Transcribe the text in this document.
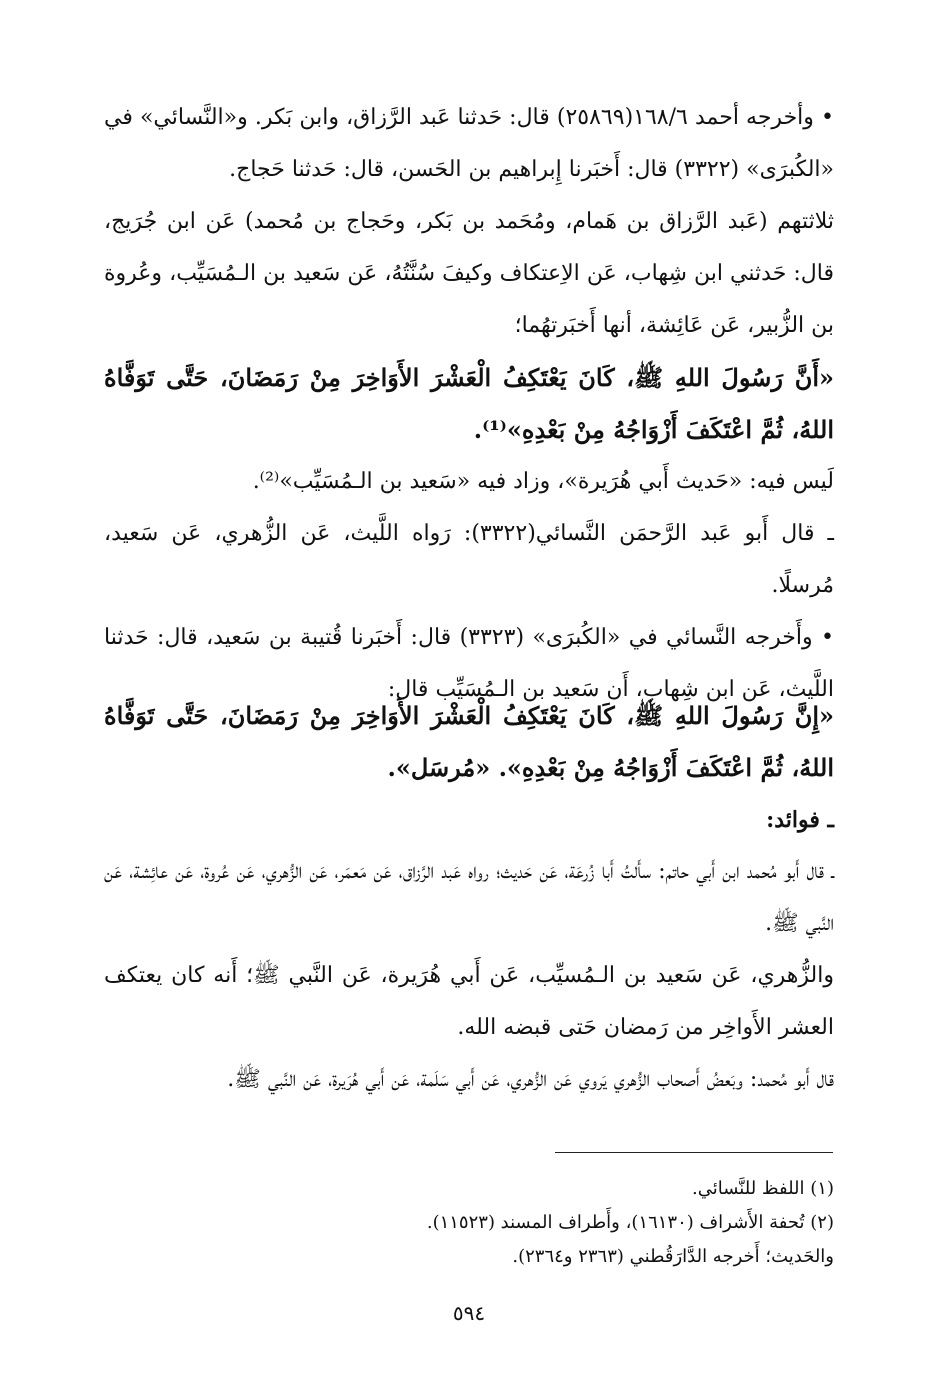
• وأخرجه أحمد ١٦٨/٦(٢٥٨٦٩) قال: حَدثنا عَبد الرَّزاق، وابن بَكر. و«النَّسائي» في «الكُبرَى» (٣٣٢٢) قال: أَخبَرنا إِبراهيم بن الحَسن، قال: حَدثنا حَجاج.

ثلاثتهم (عَبد الرَّزاق بن هَمام، ومُحَمد بن بَكر، وحَجاج بن مُحمد) عَن ابن جُرَيج، قال: حَدثني ابن شِهاب، عَن الاِعتكاف وكيفَ سُنَّتُهُ، عَن سَعيد بن الـمُسَيِّب، وعُروة بن الزُّبير، عَن عَائِشة، أنها أَخبَرتهُما؛

«أَنَّ رَسُولَ اللهِ ﷺ، كَانَ يَعْتَكِفُ الْعَشْرَ الأَوَاخِرَ مِنْ رَمَضَانَ، حَتَّى تَوَفَّاهُ اللهُ، ثُمَّ اعْتَكَفَ أَزْوَاجُهُ مِنْ بَعْدِهِ»⁽¹⁾.

لَيس فيه: «حَديث أَبي هُرَيرة»، وزاد فيه «سَعيد بن الـمُسَيِّب»⁽²⁾.

ـ قال أَبو عَبد الرَّحمَن النَّسائي(٣٣٢٢): رَواه اللَّيث، عَن الزُّهري، عَن سَعيد، مُرسلًا.

• وأَخرجه النَّسائي في «الكُبرَى» (٣٣٢٣) قال: أَخبَرنا قُتيبة بن سَعيد، قال: حَدثنا اللَّيث، عَن ابن شِهاب، أَن سَعيد بن الـمُسَيِّب قال:

«إِنَّ رَسُولَ اللهِ ﷺ، كَانَ يَعْتَكِفُ الْعَشْرَ الأَوَاخِرَ مِنْ رَمَضَانَ، حَتَّى تَوَفَّاهُ اللهُ، ثُمَّ اعْتَكَفَ أَزْوَاجُهُ مِنْ بَعْدِهِ». «مُرسَل».

ـ فوائد:

ـ قال أَبو مُحمد ابن أَبي حاتم: سأَلتُ أَبا زُرعَة، عَن حَديث؛ رواه عَبد الرَّزاق، عَن مَعمَر، عَن الزُّهري، عَن عُروة، عَن عائِشة، عَن النَّبي ﷺ.

والزُّهري، عَن سَعيد بن الـمُسيِّب، عَن أَبي هُرَيرة، عَن النَّبي ﷺ؛ أَنه كان يعتكف العشر الأَواخِر من رَمضان حَتى قبضه الله.

قال أَبو مُحمد: وبَعضُ أَصحاب الزُّهري يَروي عَن الزُّهري، عَن أَبي سَلَمة، عَن أَبي هُرَيرة، عَن النَّبي ﷺ.

(١) اللفظ للنَّسائي.

(٢) تُحفة الأَشراف (١٦١٣٠)، وأَطراف المسند (١١٥٢٣).

والحَديث؛ أَخرجه الدَّارَقُطني (٢٣٦٣ و٢٣٦٤).

٥٩٤
